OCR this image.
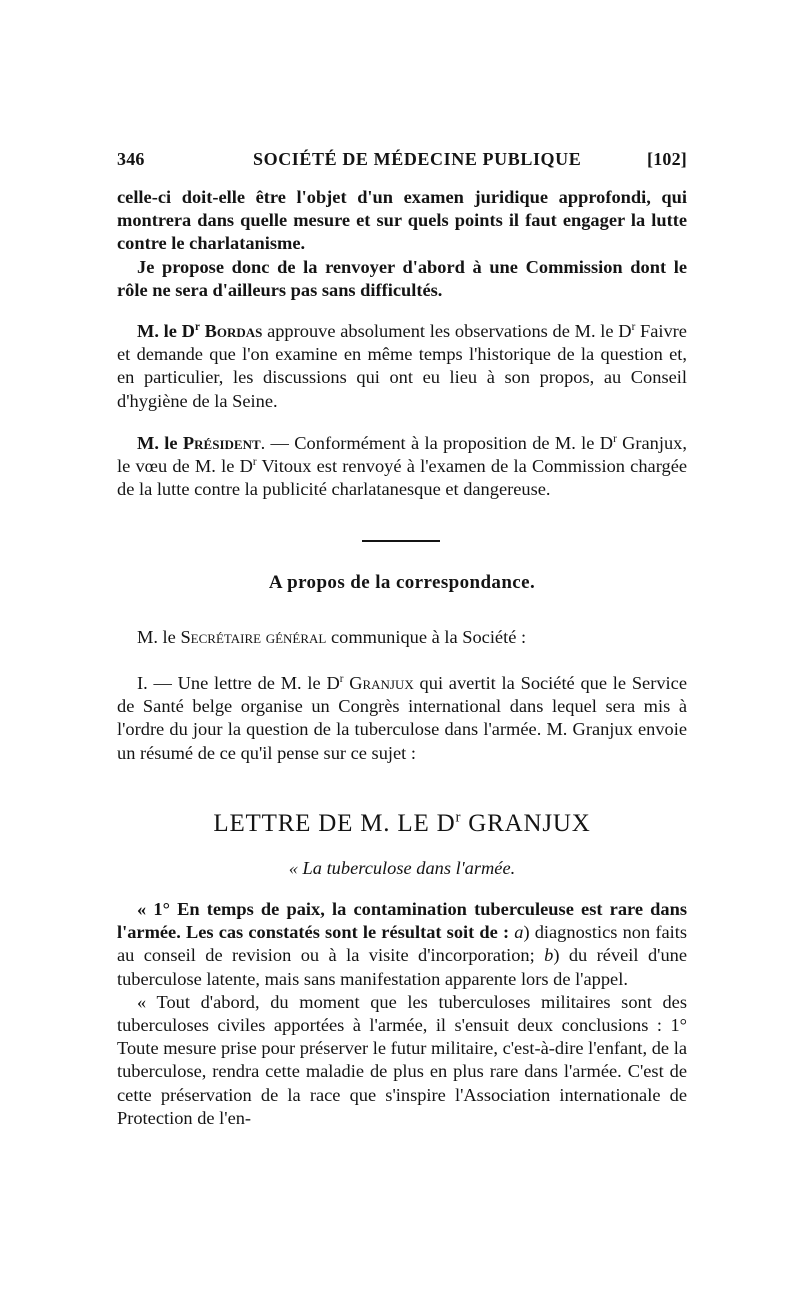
346	SOCIÉTÉ DE MÉDECINE PUBLIQUE	[102]

celle-ci doit-elle être l'objet d'un examen juridique approfondi, qui montrera dans quelle mesure et sur quels points il faut engager la lutte contre le charlatanisme.

Je propose donc de la renvoyer d'abord à une Commission dont le rôle ne sera d'ailleurs pas sans difficultés.

M. le $D^r$ Bordas approuve absolument les observations de M. le $D^r$ Faivre et demande que l'on examine en même temps l'historique de la question et, en particulier, les discussions qui ont eu lieu à son propos, au Conseil d'hygiène de la Seine.

M. le Président. — Conformément à la proposition de M. le $D^r$ Granjux, le vœu de M. le $D^r$ Vitoux est renvoyé à l'examen de la Commission chargée de la lutte contre la publicité charlatanesque et dangereuse.

A propos de la correspondance.

M. le Secrétaire général communique à la Société :

I. — Une lettre de M. le $D^r$ Granjux qui avertit la Société que le Service de Santé belge organise un Congrès international dans lequel sera mis à l'ordre du jour la question de la tuberculose dans l'armée. M. Granjux envoie un résumé de ce qu'il pense sur ce sujet :

LETTRE DE M. LE $D^r$ GRANJUX
« La tuberculose dans l'armée.

« 1° En temps de paix, la contamination tuberculeuse est rare dans l'armée. Les cas constatés sont le résultat soit de : a) diagnostics non faits au conseil de revision ou à la visite d'incorporation; b) du réveil d'une tuberculose latente, mais sans manifestation apparente lors de l'appel.

« Tout d'abord, du moment que les tuberculoses militaires sont des tuberculoses civiles apportées à l'armée, il s'ensuit deux conclusions : 1° Toute mesure prise pour préserver le futur militaire, c'est-à-dire l'enfant, de la tuberculose, rendra cette maladie de plus en plus rare dans l'armée. C'est de cette préservation de la race que s'inspire l'Association internationale de Protection de l'en-
